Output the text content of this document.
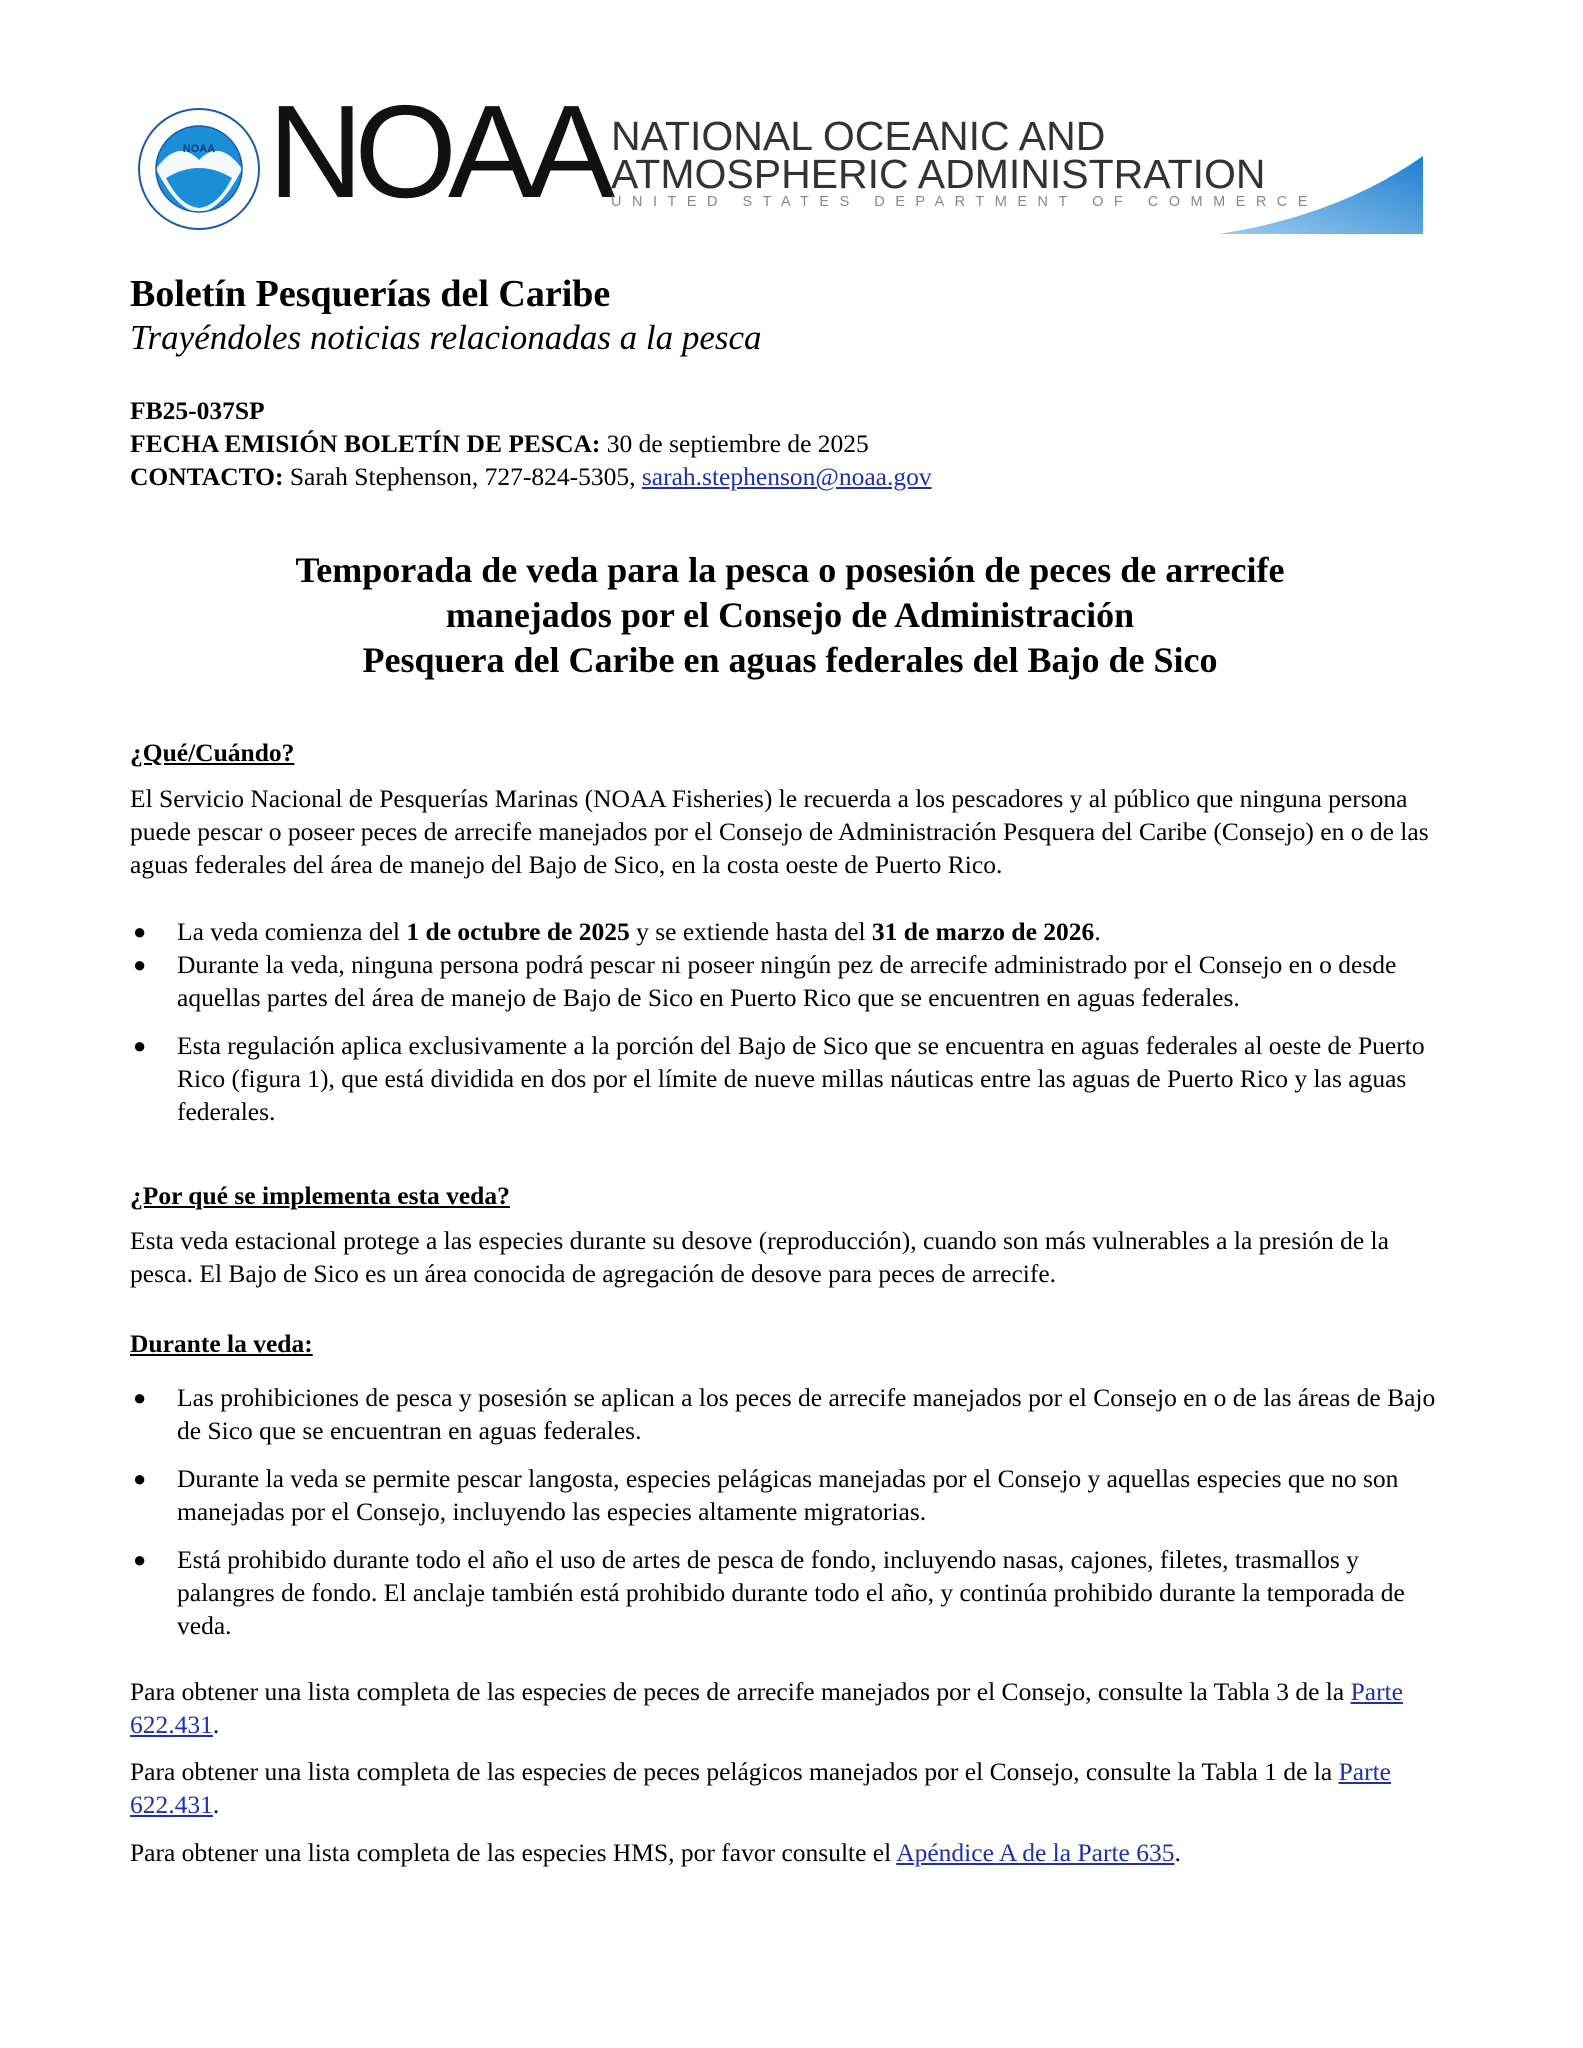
NOAA NOAA NATIONAL OCEANIC AND
ATMOSPHERIC ADMINISTRATION
UNITED STATES DEPARTMENT OF COMMERCE
Boletín Pesquerías del Caribe
Trayéndoles noticias relacionadas a la pesca
FB25-037SP
FECHA EMISIÓN BOLETÍN DE PESCA: 30 de septiembre de 2025
CONTACTO: Sarah Stephenson, 727-824-5305, sarah.stephenson@noaa.gov
Temporada de veda para la pesca o posesión de peces de arrecife
manejados por el Consejo de Administración
Pesquera del Caribe en aguas federales del Bajo de Sico
¿Qué/Cuándo?
El Servicio Nacional de Pesquerías Marinas (NOAA Fisheries) le recuerda a los pescadores y al público que ninguna persona puede pescar o poseer peces de arrecife manejados por el Consejo de Administración Pesquera del Caribe (Consejo) en o de las aguas federales del área de manejo del Bajo de Sico, en la costa oeste de Puerto Rico.
● La veda comienza del 1 de octubre de 2025 y se extiende hasta del 31 de marzo de 2026.
● Durante la veda, ninguna persona podrá pescar ni poseer ningún pez de arrecife administrado por el Consejo en o desde aquellas partes del área de manejo de Bajo de Sico en Puerto Rico que se encuentren en aguas federales.
● Esta regulación aplica exclusivamente a la porción del Bajo de Sico que se encuentra en aguas federales al oeste de Puerto Rico (figura 1), que está dividida en dos por el límite de nueve millas náuticas entre las aguas de Puerto Rico y las aguas federales.
¿Por qué se implementa esta veda?
Esta veda estacional protege a las especies durante su desove (reproducción), cuando son más vulnerables a la presión de la pesca. El Bajo de Sico es un área conocida de agregación de desove para peces de arrecife.
Durante la veda:
● Las prohibiciones de pesca y posesión se aplican a los peces de arrecife manejados por el Consejo en o de las áreas de Bajo de Sico que se encuentran en aguas federales.
● Durante la veda se permite pescar langosta, especies pelágicas manejadas por el Consejo y aquellas especies que no son manejadas por el Consejo, incluyendo las especies altamente migratorias.
● Está prohibido durante todo el año el uso de artes de pesca de fondo, incluyendo nasas, cajones, filetes, trasmallos y palangres de fondo. El anclaje también está prohibido durante todo el año, y continúa prohibido durante la temporada de veda.
Para obtener una lista completa de las especies de peces de arrecife manejados por el Consejo, consulte la Tabla 3 de la Parte 622.431.
Para obtener una lista completa de las especies de peces pelágicos manejados por el Consejo, consulte la Tabla 1 de la Parte 622.431.
Para obtener una lista completa de las especies HMS, por favor consulte el Apéndice A de la Parte 635.
